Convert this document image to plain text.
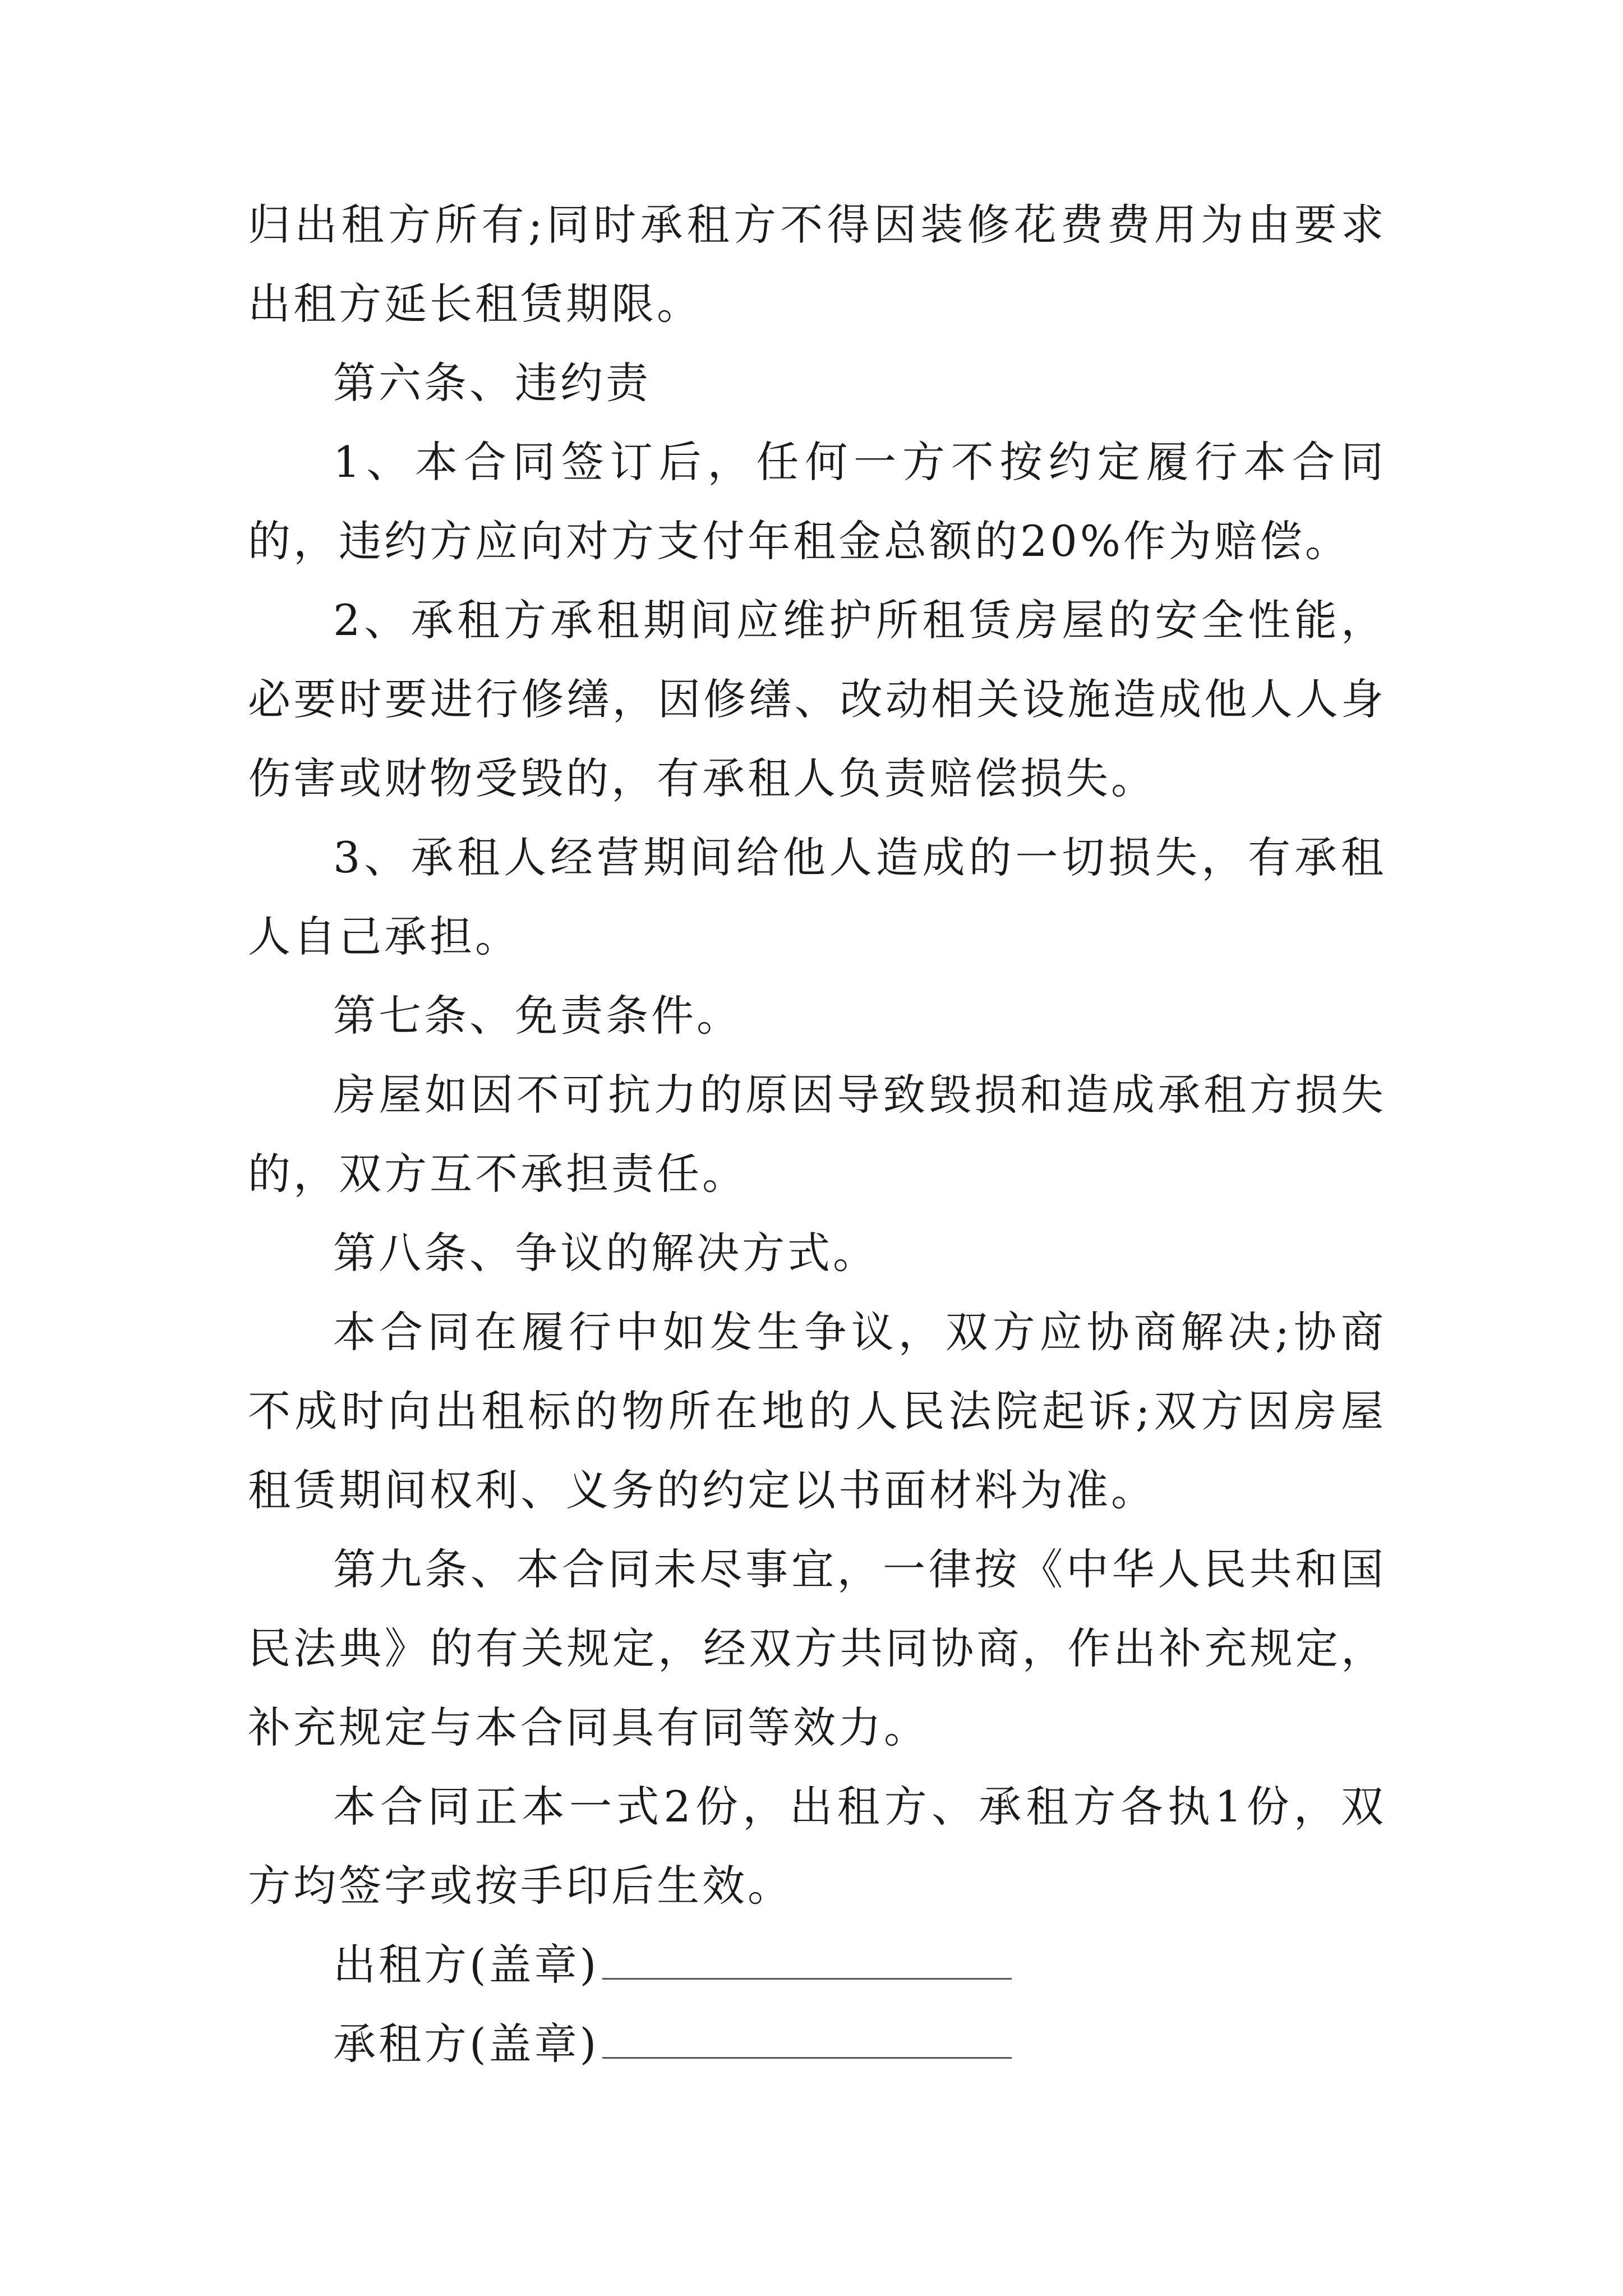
归出租方所有;同时承租方不得因装修花费费用为由要求出租方延长租赁期限。

第六条、违约责

1、本合同签订后，任何一方不按约定履行本合同的，违约方应向对方支付年租金总额的20%作为赔偿。

2、承租方承租期间应维护所租赁房屋的安全性能，必要时要进行修缮，因修缮、改动相关设施造成他人人身伤害或财物受毁的，有承租人负责赔偿损失。

3、承租人经营期间给他人造成的一切损失，有承租人自己承担。

第七条、免责条件。

房屋如因不可抗力的原因导致毁损和造成承租方损失的，双方互不承担责任。

第八条、争议的解决方式。

本合同在履行中如发生争议，双方应协商解决;协商不成时向出租标的物所在地的人民法院起诉;双方因房屋租赁期间权利、义务的约定以书面材料为准。

第九条、本合同未尽事宜，一律按《中华人民共和国民法典》的有关规定，经双方共同协商，作出补充规定，补充规定与本合同具有同等效力。

本合同正本一式2份，出租方、承租方各执1份，双方均签字或按手印后生效。

出租方(盖章)

承租方(盖章)
